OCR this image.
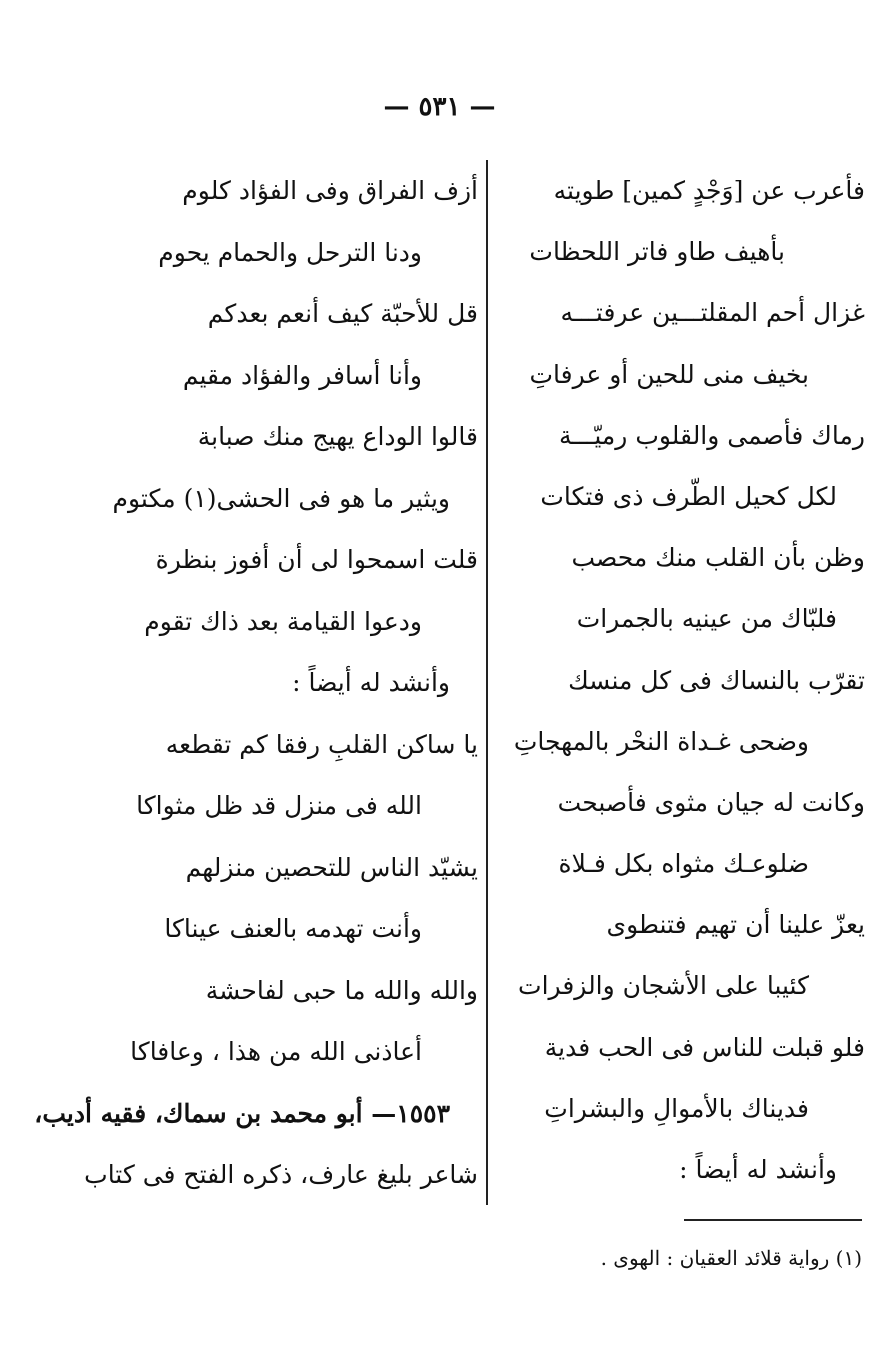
— ٥٣١ —
فأعرب عن [وَجْدٍ كمين] طويته
بأهيف طاو فاتر اللحظات
غزال أحم المقلتـــين عرفتـــه
بخيف منى للحين أو عرفاتِ
رماك فأصمى والقلوب رميّـــة
لكل كحيل الطّرف ذى فتكات
وظن بأن القلب منك محصب
فلبّاك من عينيه بالجمرات
تقرّب بالنساك فى كل منسك
وضحى غـداة النحْر بالمهجاتِ
وكانت له جيان مثوى فأصبحت
ضلوعـك مثواه بكل فـلاة
يعزّ علينا أن تهيم فتنطوى
كئيبا على الأشجان والزفرات
فلو قبلت للناس فى الحب فدية
فديناك بالأموالِ والبشراتِ
وأنشد له أيضاً :
أزف الفراق وفى الفؤاد كلوم
ودنا الترحل والحمام يحوم
قل للأحبّة كيف أنعم بعدكم
وأنا أسافر والفؤاد مقيم
قالوا الوداع يهيج منك صبابة
ويثير ما هو فى الحشى(١) مكتوم
قلت اسمحوا لى أن أفوز بنظرة
ودعوا القيامة بعد ذاك تقوم
وأنشد له أيضاً :
يا ساكن القلبِ رفقا كم تقطعه
الله فى منزل قد ظل مثواكا
يشيّد الناس للتحصين منزلهم
وأنت تهدمه بالعنف عيناكا
والله والله ما حبى لفاحشة
أعاذنى الله من هذا ، وعافاكا
١٥٥٣— أبو محمد بن سماك، فقيه أديب،
شاعر بليغ عارف، ذكره الفتح فى كتاب
(١) رواية قلائد العقيان : الهوى .
